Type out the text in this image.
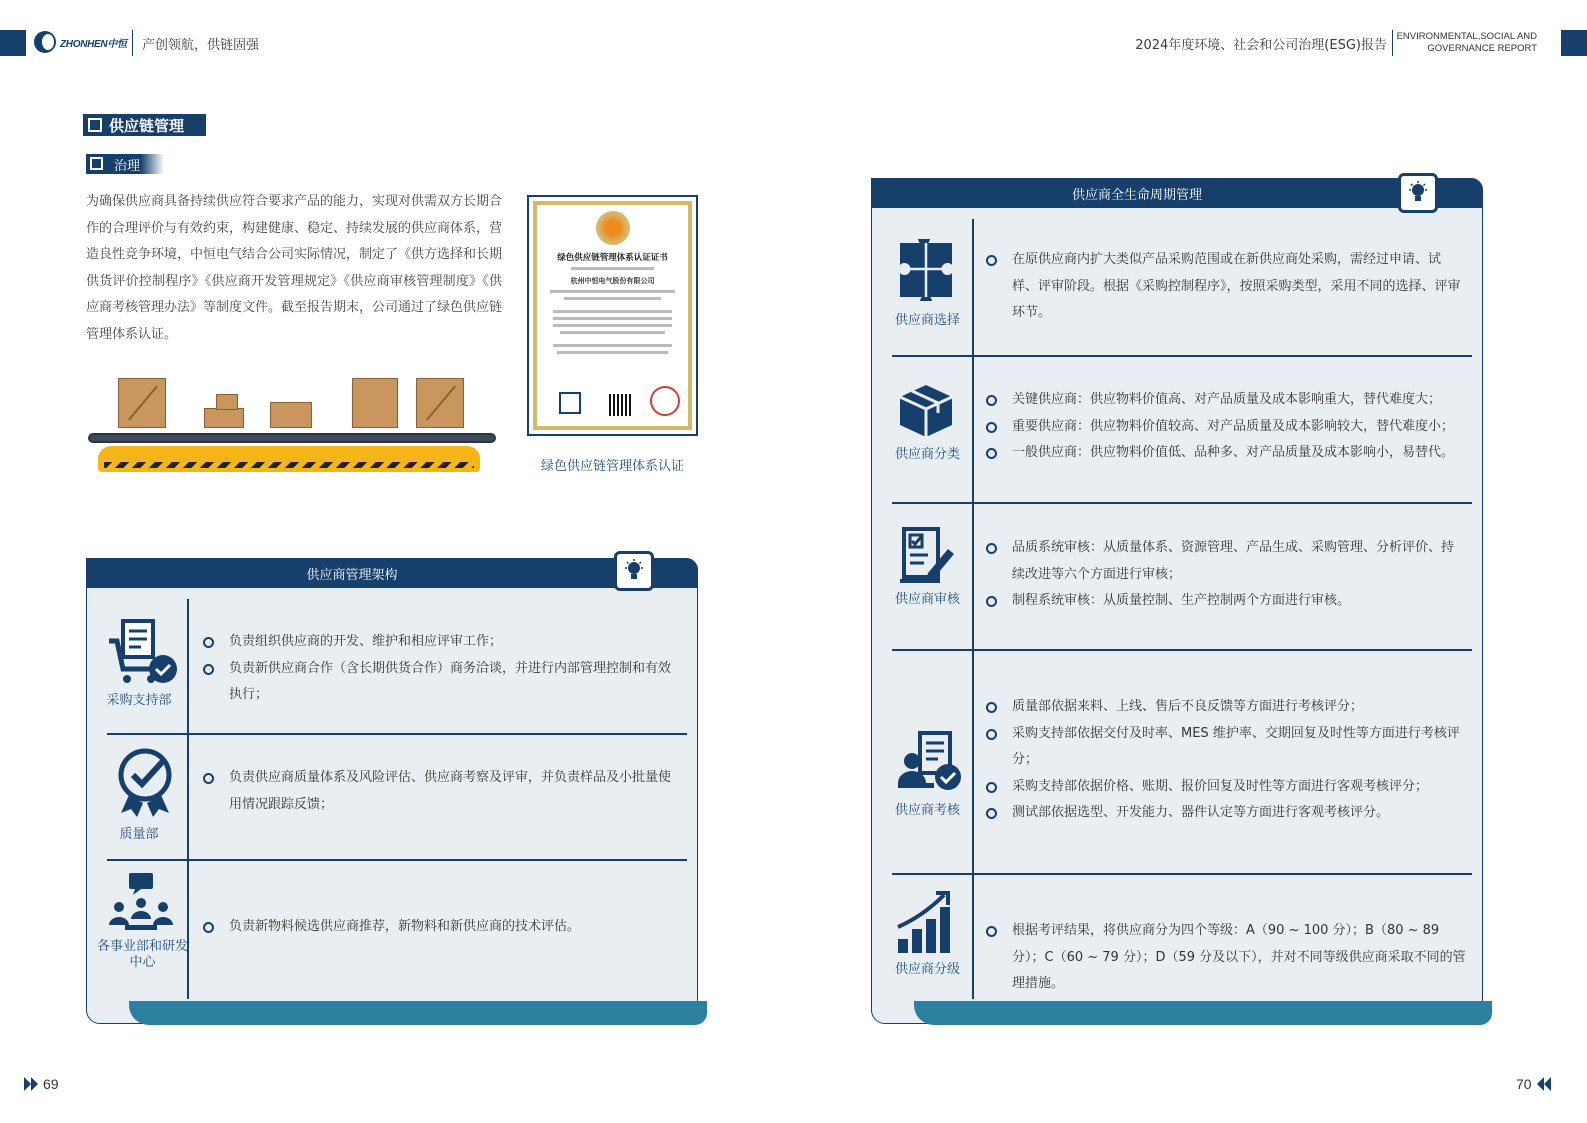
ZHONHEN中恒 产创领航，供链固强	2024年度环境、社会和公司治理(ESG)报告
ENVIRONMENTAL,SOCIAL AND GOVERNANCE REPORT
供应链管理
治理

为确保供应商具备持续供应符合要求产品的能力，实现对供需双方长期合作的合理评价与有效约束，构建健康、稳定、持续发展的供应商体系，营造良性竞争环境，中恒电气结合公司实际情况，制定了《供方选择和长期供货评价控制程序》《供应商开发管理规定》《供应商审核管理制度》《供应商考核管理办法》等制度文件。截至报告期末，公司通过了绿色供应链管理体系认证。

绿色供应链管理体系认证证书
杭州中恒电气股份有限公司
绿色供应链管理体系认证
供应商管理架构
采购支持部
负责组织供应商的开发、维护和相应评审工作；
负责新供应商合作（含长期供货合作）商务洽谈，并进行内部管理控制和有效执行；
质量部
负责供应商质量体系及风险评估、供应商考察及评审，并负责样品及小批量使用情况跟踪反馈；
各事业部和研发中心
负责新物料候选供应商推荐，新物料和新供应商的技术评估。
供应商全生命周期管理
供应商选择
在原供应商内扩大类似产品采购范围或在新供应商处采购，需经过申请、试样、评审阶段。根据《采购控制程序》，按照采购类型，采用不同的选择、评审环节。
供应商分类
关键供应商：供应物料价值高、对产品质量及成本影响重大，替代难度大；
重要供应商：供应物料价值较高、对产品质量及成本影响较大，替代难度小；
一般供应商：供应物料价值低、品种多、对产品质量及成本影响小，易替代。
供应商审核
品质系统审核：从质量体系、资源管理、产品生成、采购管理、分析评价、持续改进等六个方面进行审核；
制程系统审核：从质量控制、生产控制两个方面进行审核。
供应商考核
质量部依据来料、上线、售后不良反馈等方面进行考核评分；
采购支持部依据交付及时率、MES 维护率、交期回复及时性等方面进行考核评分；
采购支持部依据价格、账期、报价回复及时性等方面进行客观考核评分；
测试部依据选型、开发能力、器件认定等方面进行客观考核评分。
供应商分级
根据考评结果，将供应商分为四个等级：A（90 ~ 100 分）；B（80 ~ 89 分）；C（60 ~ 79 分）；D（59 分及以下），并对不同等级供应商采取不同的管理措施。
69	70
